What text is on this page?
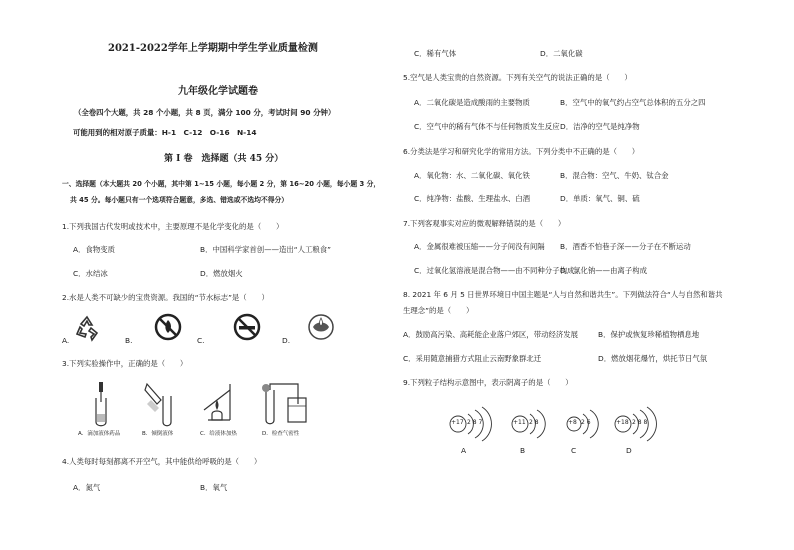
2021-2022学年上学期期中学生学业质量检测
九年级化学试题卷
（全卷四个大题，共 28 个小题，共 8 页，满分 100 分，考试时间 90 分钟）
可能用到的相对原子质量：H-1　C-12　O-16　N-14
第 I 卷　选择题（共 45 分）
一、选择题（本大题共 20 个小题，其中第 1~15 小题，每小题 2 分，第 16~20 小题，每小题 3 分，
共 45 分。每小题只有一个选项符合题意，多选、错选或不选均不得分）
1.下列我国古代发明或技术中，主要原理不是化学变化的是（　　）
A．食物变质	B．中国科学家首创——造出“人工粮食”
C．水结冰	D．燃放烟火
2.水是人类不可缺少的宝贵资源。我国的“节水标志”是（　　）
A.	B.	C.	D.
3.下列实验操作中，正确的是（　　）
A．滴加液体药品	B．倾倒液体	C．给液体加热	D．检查气密性
4.人类每时每刻都离不开空气，其中能供给呼吸的是（　　）
A．氮气	B．氧气
C．稀有气体	D．二氧化碳
5.空气是人类宝贵的自然资源。下列有关空气的说法正确的是（　　）
A．二氧化碳是造成酸雨的主要物质	B．空气中的氧气约占空气总体积的五分之四
C．空气中的稀有气体不与任何物质发生反应 D．洁净的空气是纯净物
6.分类法是学习和研究化学的常用方法。下列分类中不正确的是（　　）
A．氧化物：水、二氧化碳、氧化铁	B．混合物：空气、牛奶、钛合金
C．纯净物：盐酸、生理盐水、白酒	D．单质：氧气、铜、硫
7.下列客观事实对应的微观解释错误的是（　　）
A．金属很难被压缩——分子间没有间隔 B．酒香不怕巷子深——分子在不断运动
C．过氧化氢溶液是混合物——由不同种分子构成
D．氯化钠——由离子构成
8. 2021 年 6 月 5 日世界环境日中国主题是“人与自然和谐共生”。下列做法符合“人与自然和谐共
生理念”的是（　　）
A．鼓励高污染、高耗能企业落户郊区，带动经济发展	B．保护或恢复珍稀植物栖息地
C．采用随意捕猎方式阻止云南野象群北迁	D．燃放烟花爆竹，烘托节日气氛
9.下列粒子结构示意图中，表示阴离子的是（　　）
+17 2 8 7
A
+11 2 8
B
+8 2 6
C
+18 2 8 8
D
